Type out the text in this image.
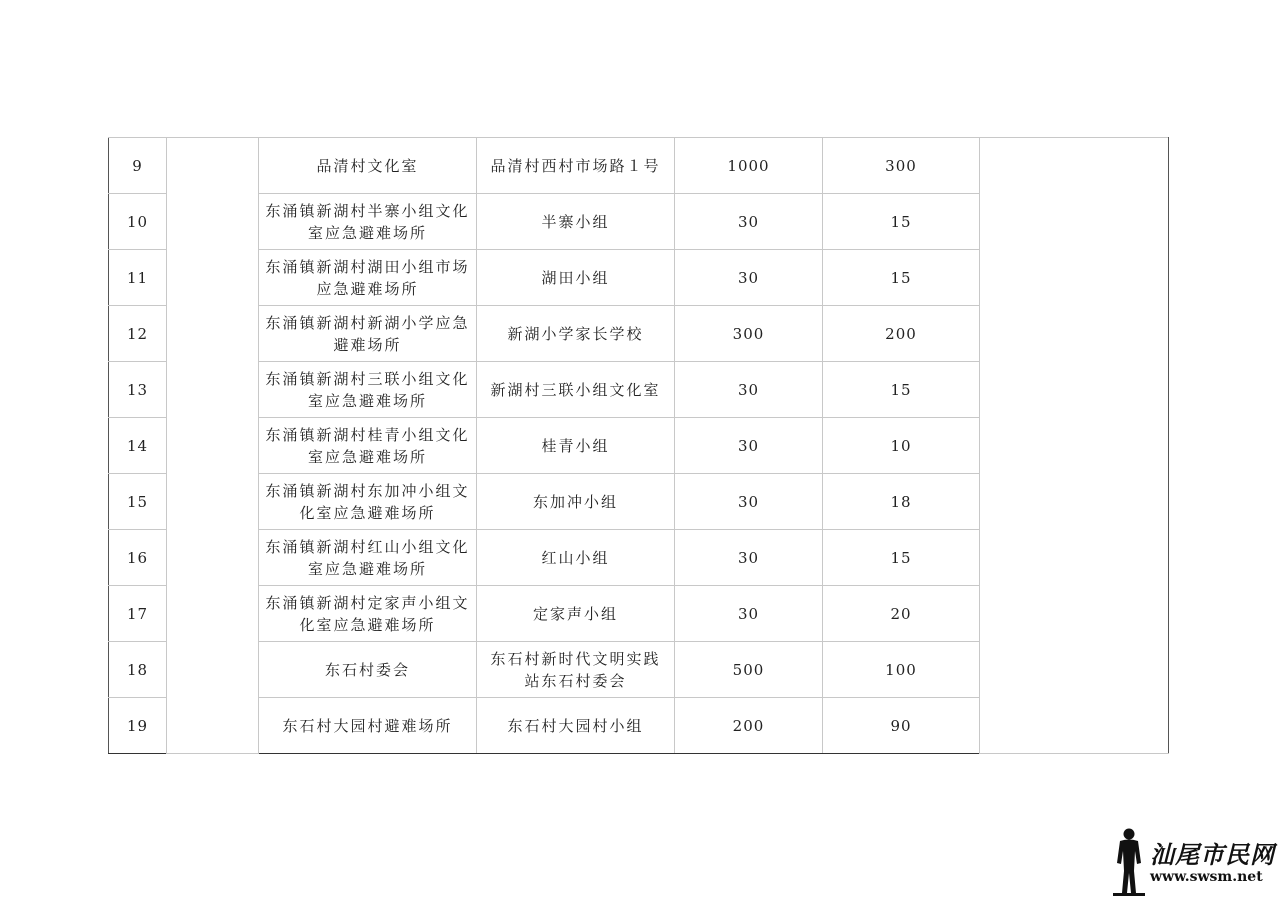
9		品清村文化室	品清村西村市场路１号	1000	300	
10		东涌镇新湖村半寨小组文化室应急避难场所	半寨小组	30	15	
11		东涌镇新湖村湖田小组市场应急避难场所	湖田小组	30	15	
12		东涌镇新湖村新湖小学应急避难场所	新湖小学家长学校	300	200	
13		东涌镇新湖村三联小组文化室应急避难场所	新湖村三联小组文化室	30	15	
14		东涌镇新湖村桂青小组文化室应急避难场所	桂青小组	30	10	
15		东涌镇新湖村东加冲小组文化室应急避难场所	东加冲小组	30	18	
16		东涌镇新湖村红山小组文化室应急避难场所	红山小组	30	15	
17		东涌镇新湖村定家声小组文化室应急避难场所	定家声小组	30	20	
18		东石村委会	东石村新时代文明实践站东石村委会	500	100	
19		东石村大园村避难场所	东石村大园村小组	200	90	
汕尾市民网
www.swsm.net
